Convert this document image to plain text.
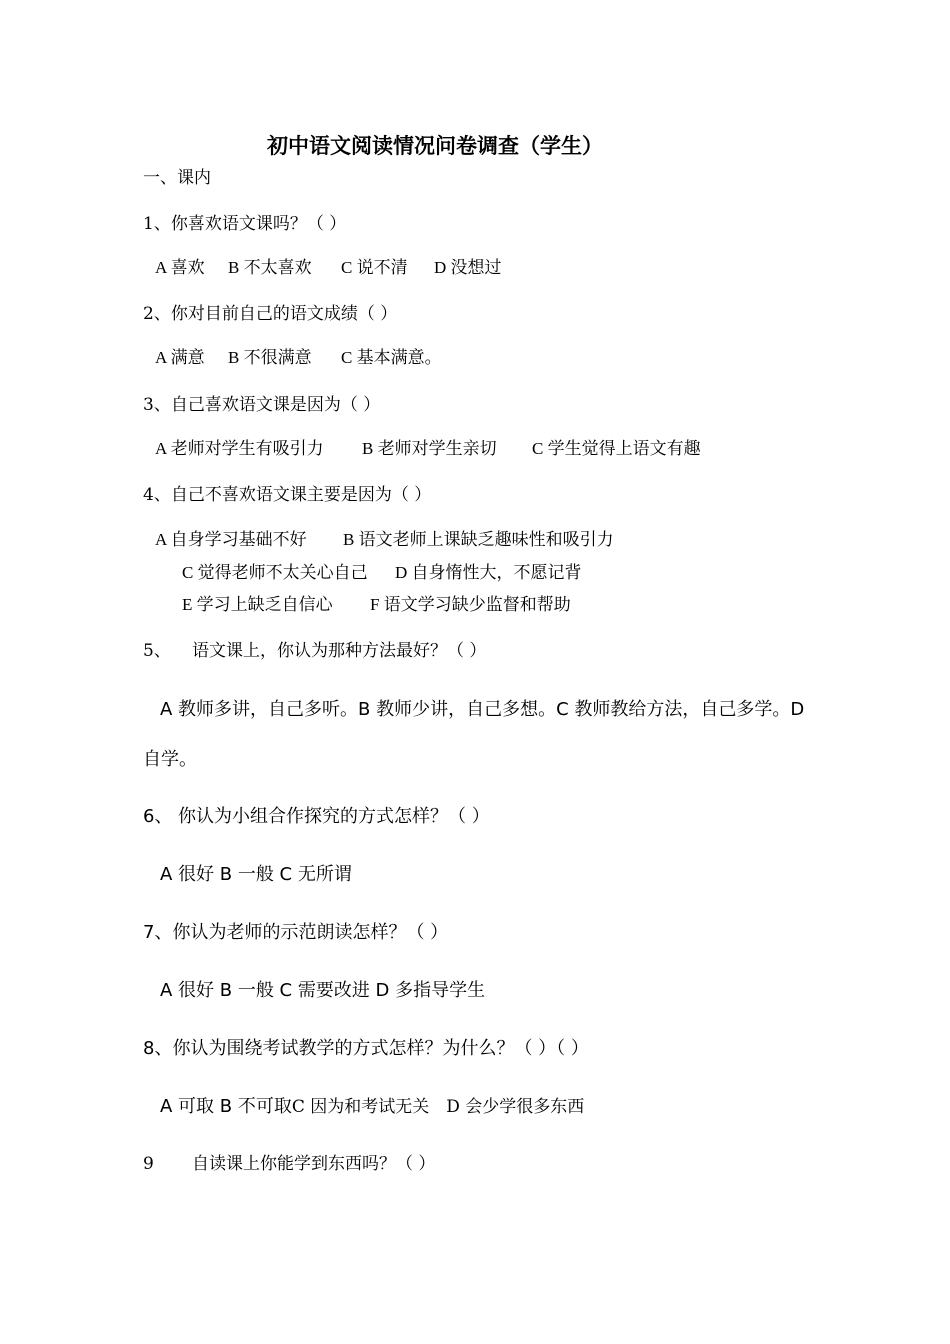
初中语文阅读情况问卷调查（学生）
一、课内
1、你喜欢语文课吗？（ ）
A 喜欢 B 不太喜欢 C 说不清 D 没想过
2、你对目前自己的语文成绩（ ）
A 满意 B 不很满意 C 基本满意。
3、自己喜欢语文课是因为（ ）
A 老师对学生有吸引力 B 老师对学生亲切 C 学生觉得上语文有趣
4、自己不喜欢语文课主要是因为（ ）
A 自身学习基础不好 B 语文老师上课缺乏趣味性和吸引力
C 觉得老师不太关心自己 D 自身惰性大，不愿记背
E 学习上缺乏自信心 F 语文学习缺少监督和帮助
5、 语文课上，你认为那种方法最好？（ ）
A 教师多讲，自己多听。B 教师少讲，自己多想。C 教师教给方法，自己多学。D
自学。
6、 你认为小组合作探究的方式怎样？（ ）
A 很好 B 一般 C 无所谓
7、你认为老师的示范朗读怎样？（ ）
A 很好 B 一般 C 需要改进 D 多指导学生
8、你认为围绕考试教学的方式怎样？为什么？（ ）（ ）
A 可取 B 不可取C 因为和考试无关　D 会少学很多东西
9 自读课上你能学到东西吗？（ ）
